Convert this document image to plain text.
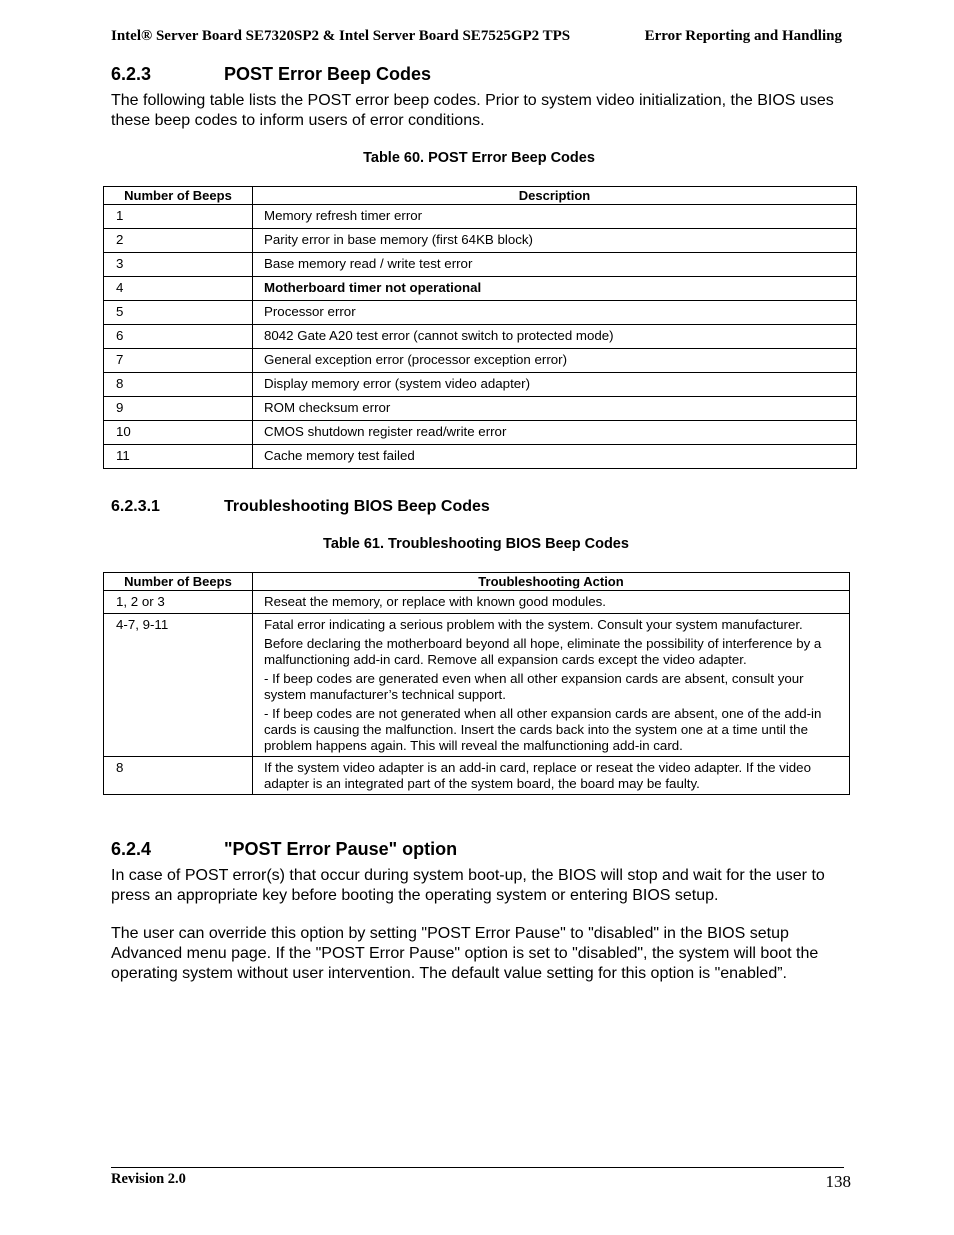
Intel® Server Board SE7320SP2 & Intel Server Board SE7525GP2 TPS	Error Reporting and Handling
6.2.3	POST Error Beep Codes
The following table lists the POST error beep codes. Prior to system video initialization, the BIOS uses these beep codes to inform users of error conditions.
Table 60. POST Error Beep Codes
Number of Beeps	Description
1	Memory refresh timer error
2	Parity error in base memory (first 64KB block)
3	Base memory read / write test error
4	Motherboard timer not operational
5	Processor error
6	8042 Gate A20 test error (cannot switch to protected mode)
7	General exception error (processor exception error)
8	Display memory error (system video adapter)
9	ROM checksum error
10	CMOS shutdown register read/write error
11	Cache memory test failed
6.2.3.1	Troubleshooting BIOS Beep Codes
Table 61. Troubleshooting BIOS Beep Codes
Number of Beeps	Troubleshooting Action
1, 2 or 3	Reseat the memory, or replace with known good modules.

4-7, 9-11	Fatal error indicating a serious problem with the system. Consult your system manufacturer.
Before declaring the motherboard beyond all hope, eliminate the possibility of interference by a malfunctioning add-in card. Remove all expansion cards except the video adapter.
- If beep codes are generated even when all other expansion cards are absent, consult your system manufacturer’s technical support.
- If beep codes are not generated when all other expansion cards are absent, one of the add-in cards is causing the malfunction. Insert the cards back into the system one at a time until the problem happens again. This will reveal the malfunctioning add-in card.

8	If the system video adapter is an add-in card, replace or reseat the video adapter. If the video adapter is an integrated part of the system board, the board may be faulty.
6.2.4	"POST Error Pause" option
In case of POST error(s) that occur during system boot-up, the BIOS will stop and wait for the user to press an appropriate key before booting the operating system or entering BIOS setup.
The user can override this option by setting "POST Error Pause" to "disabled" in the BIOS setup Advanced menu page. If the "POST Error Pause" option is set to "disabled", the system will boot the operating system without user intervention. The default value setting for this option is "enabled”.
Revision 2.0	138
